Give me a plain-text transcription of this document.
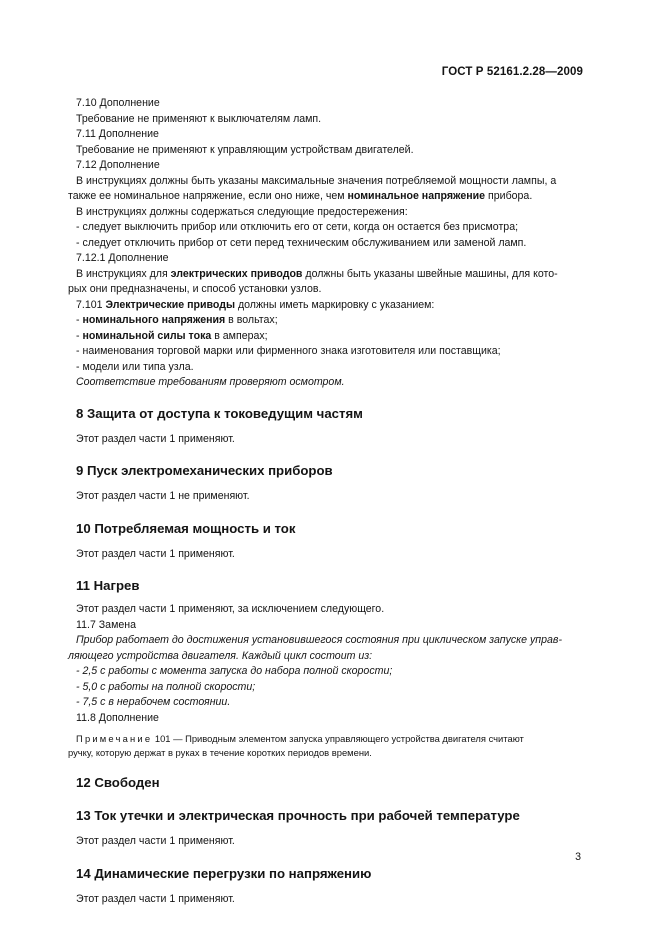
ГОСТ Р 52161.2.28—2009

7.10 Дополнение

Требование не применяют к выключателям ламп.

7.11 Дополнение

Требование не применяют к управляющим устройствам двигателей.

7.12 Дополнение

В инструкциях должны быть указаны максимальные значения потребляемой мощности лампы, а

также ее номинальное напряжение, если оно ниже, чем номинальное напряжение прибора.

В инструкциях должны содержаться следующие предостережения:

- следует выключить прибор или отключить его от сети, когда он остается без присмотра;

- следует отключить прибор от сети перед техническим обслуживанием или заменой ламп.

7.12.1 Дополнение

В инструкциях для электрических приводов должны быть указаны швейные машины, для кото-

рых они предназначены, и способ установки узлов.

7.101 Электрические приводы должны иметь маркировку с указанием:

- номинального напряжения в вольтах;

- номинальной силы тока в амперах;

- наименования торговой марки или фирменного знака изготовителя или поставщика;

- модели или типа узла.

Соответствие требованиям проверяют осмотром.

8 Защита от доступа к токоведущим частям

Этот раздел части 1 применяют.

9 Пуск электромеханических приборов

Этот раздел части 1 не применяют.

10 Потребляемая мощность и ток

Этот раздел части 1 применяют.

11 Нагрев

Этот раздел части 1 применяют, за исключением следующего.

11.7 Замена

Прибор работает до достижения установившегося состояния при циклическом запуске управ-

ляющего устройства двигателя. Каждый цикл состоит из:

- 2,5 с работы с момента запуска до набора полной скорости;

- 5,0 с работы на полной скорости;

- 7,5 с в нерабочем состоянии.

11.8 Дополнение

Примечание 101 — Приводным элементом запуска управляющего устройства двигателя считают

ручку, которую держат в руках в течение коротких периодов времени.

12 Свободен

13 Ток утечки и электрическая прочность при рабочей температуре

Этот раздел части 1 применяют.

14 Динамические перегрузки по напряжению

Этот раздел части 1 применяют.

3
